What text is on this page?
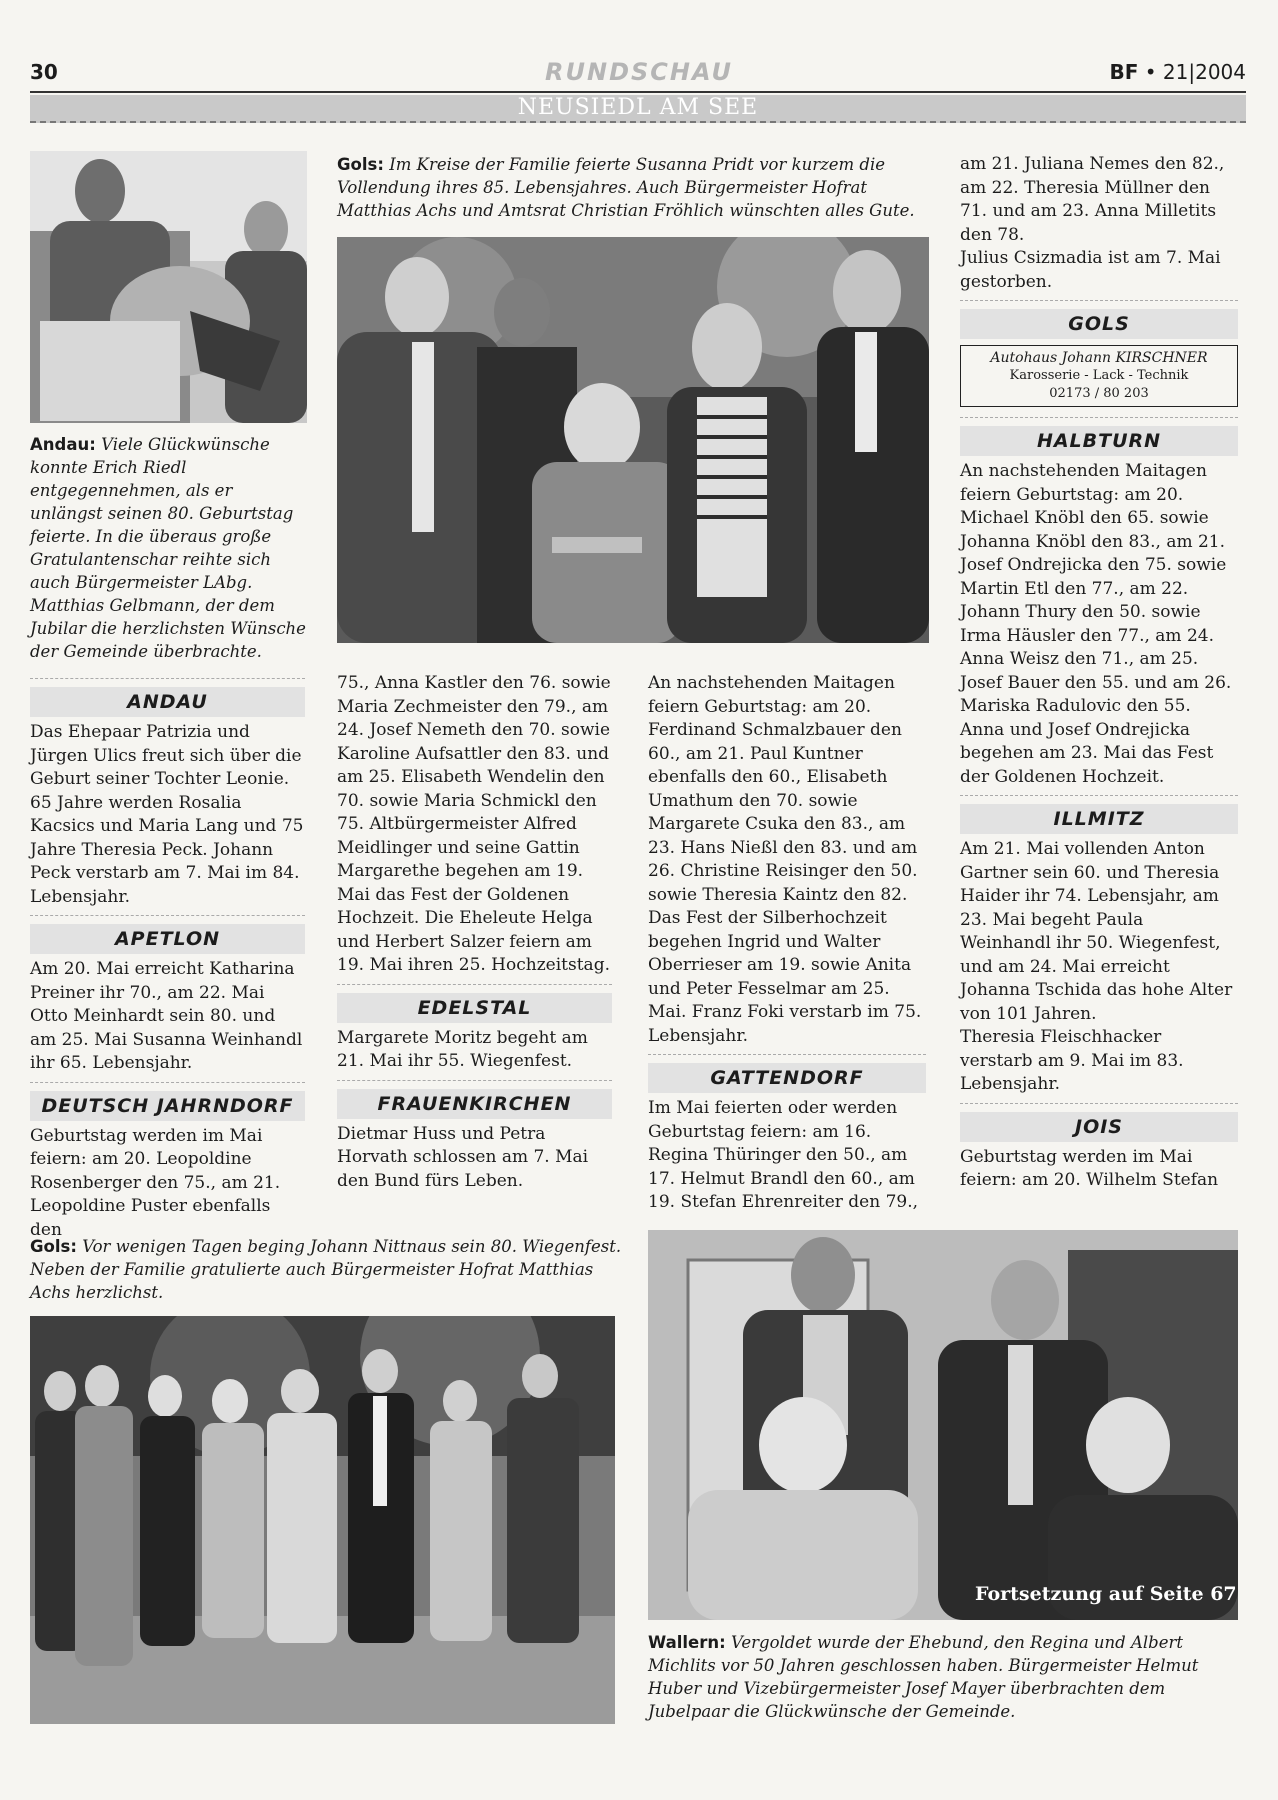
30	RUNDSCHAU	BF • 21|2004
NEUSIEDL AM SEE
Andau: Viele Glückwünsche konnte Erich Riedl entgegennehmen, als er unlängst seinen 80. Geburtstag feierte. In die überaus große Gratulantenschar reihte sich auch Bürgermeister LAbg. Matthias Gelbmann, der dem Jubilar die herzlichsten Wünsche der Gemeinde überbrachte.
Gols: Im Kreise der Familie feierte Susanna Pridt vor kurzem die Vollendung ihres 85. Lebensjahres. Auch Bürgermeister Hofrat Matthias Achs und Amtsrat Christian Fröhlich wünschten alles Gute.
ANDAU

Das Ehepaar Patrizia und Jürgen Ulics freut sich über die Geburt seiner Tochter Leonie. 65 Jahre werden Rosalia Kacsics und Maria Lang und 75 Jahre Theresia Peck. Johann Peck verstarb am 7. Mai im 84. Lebensjahr.

APETLON

Am 20. Mai erreicht Katharina Preiner ihr 70., am 22. Mai Otto Meinhardt sein 80. und am 25. Mai Susanna Weinhandl ihr 65. Lebensjahr.

DEUTSCH JAHRNDORF

Geburtstag werden im Mai feiern: am 20. Leopoldine Rosenberger den 75., am 21. Leopoldine Puster ebenfalls den

75., Anna Kastler den 76. sowie Maria Zechmeister den 79., am 24. Josef Nemeth den 70. sowie Karoline Aufsattler den 83. und am 25. Elisabeth Wendelin den 70. sowie Maria Schmickl den 75. Altbürgermeister Alfred Meidlinger und seine Gattin Margarethe begehen am 19. Mai das Fest der Goldenen Hochzeit. Die Eheleute Helga und Herbert Salzer feiern am 19. Mai ihren 25. Hochzeitstag.

EDELSTAL

Margarete Moritz begeht am 21. Mai ihr 55. Wiegenfest.

FRAUENKIRCHEN

Dietmar Huss und Petra Horvath schlossen am 7. Mai den Bund fürs Leben.

An nachstehenden Maitagen feiern Geburtstag: am 20. Ferdinand Schmalzbauer den 60., am 21. Paul Kuntner ebenfalls den 60., Elisabeth Umathum den 70. sowie Margarete Csuka den 83., am 23. Hans Nießl den 83. und am 26. Christine Reisinger den 50. sowie Theresia Kaintz den 82.

Das Fest der Silberhochzeit begehen Ingrid und Walter Oberrieser am 19. sowie Anita und Peter Fesselmar am 25. Mai. Franz Foki verstarb im 75. Lebensjahr.

GATTENDORF

Im Mai feierten oder werden Geburtstag feiern: am 16. Regina Thüringer den 50., am 17. Helmut Brandl den 60., am 19. Stefan Ehrenreiter den 79.,

am 21. Juliana Nemes den 82., am 22. Theresia Müllner den 71. und am 23. Anna Milletits den 78.

Julius Csizmadia ist am 7. Mai gestorben.

GOLS
Autohaus Johann KIRSCHNER
Karosserie - Lack - Technik
02173 / 80 203
HALBTURN

An nachstehenden Maitagen feiern Geburtstag: am 20. Michael Knöbl den 65. sowie Johanna Knöbl den 83., am 21. Josef Ondrejicka den 75. sowie Martin Etl den 77., am 22. Johann Thury den 50. sowie Irma Häusler den 77., am 24. Anna Weisz den 71., am 25. Josef Bauer den 55. und am 26. Mariska Radulovic den 55. Anna und Josef Ondrejicka begehen am 23. Mai das Fest der Goldenen Hochzeit.

ILLMITZ

Am 21. Mai vollenden Anton Gartner sein 60. und Theresia Haider ihr 74. Lebensjahr, am 23. Mai begeht Paula Weinhandl ihr 50. Wiegenfest, und am 24. Mai erreicht Johanna Tschida das hohe Alter von 101 Jahren.

Theresia Fleischhacker verstarb am 9. Mai im 83. Lebensjahr.

JOIS

Geburtstag werden im Mai feiern: am 20. Wilhelm Stefan

Gols: Vor wenigen Tagen beging Johann Nittnaus sein 80. Wiegenfest. Neben der Familie gratulierte auch Bürgermeister Hofrat Matthias Achs herzlichst.
Fortsetzung auf Seite 67
Wallern: Vergoldet wurde der Ehebund, den Regina und Albert Michlits vor 50 Jahren geschlossen haben. Bürgermeister Helmut Huber und Vizebürgermeister Josef Mayer überbrachten dem Jubelpaar die Glückwünsche der Gemeinde.
